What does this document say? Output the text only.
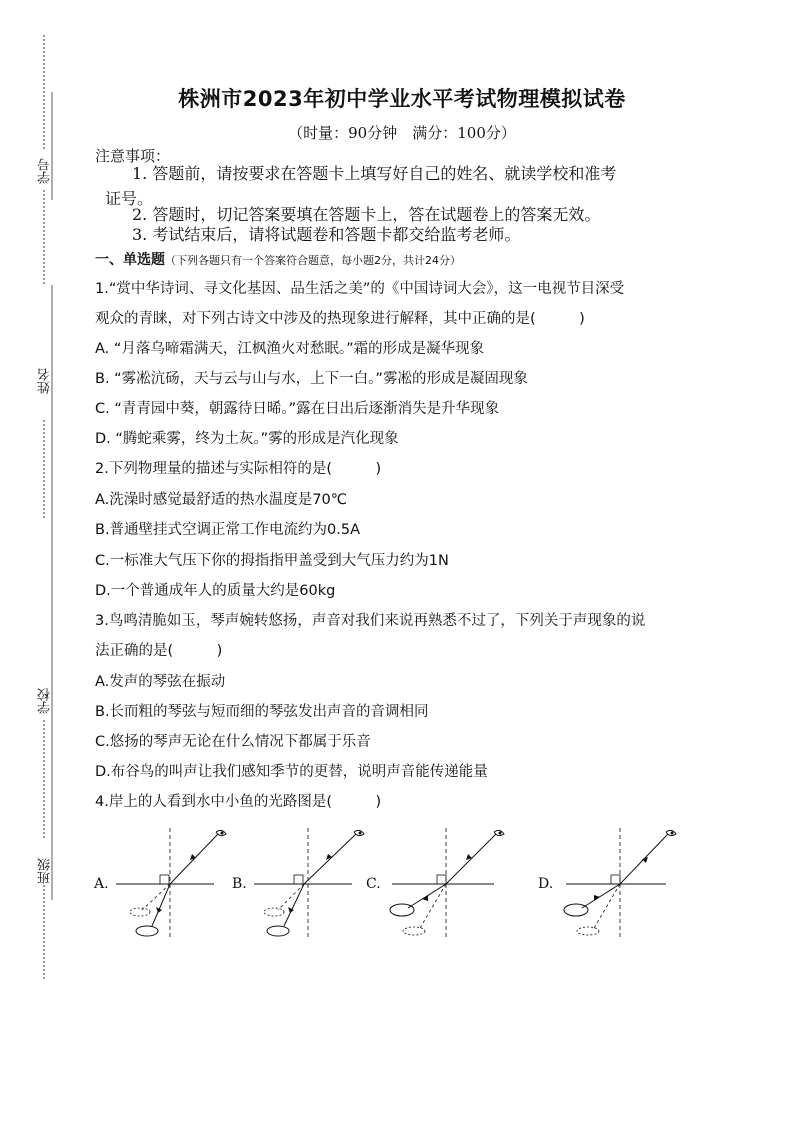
学号
姓名
学校
班级
株洲市2023年初中学业水平考试物理模拟试卷
（时量：90分钟　满分：100分）
注意事项：
1. 答题前，请按要求在答题卡上填写好自己的姓名、就读学校和准考
证号。
2. 答题时，切记答案要填在答题卡上，答在试题卷上的答案无效。
3. 考试结束后，请将试题卷和答题卡都交给监考老师。
一、单选题（下列各题只有一个答案符合题意，每小题2分，共计24分）
1.“赏中华诗词、寻文化基因、品生活之美”的《中国诗词大会》，这一电视节目深受
观众的青睐，对下列古诗文中涉及的热现象进行解释，其中正确的是(　　　)
A. “月落乌啼霜满天，江枫渔火对愁眠。”霜的形成是凝华现象
B. “雾凇沆砀，天与云与山与水，上下一白。”雾凇的形成是凝固现象
C. “青青园中葵，朝露待日晞。”露在日出后逐渐消失是升华现象
D. “腾蛇乘雾，终为土灰。”雾的形成是汽化现象
2.下列物理量的描述与实际相符的是(　　　)
A.洗澡时感觉最舒适的热水温度是70℃
B.普通壁挂式空调正常工作电流约为0.5A
C.一标准大气压下你的拇指指甲盖受到大气压力约为1N
D.一个普通成年人的质量大约是60kg
3.鸟鸣清脆如玉，琴声婉转悠扬，声音对我们来说再熟悉不过了，下列关于声现象的说
法正确的是(　　　)
A.发声的琴弦在振动
B.长而粗的琴弦与短而细的琴弦发出声音的音调相同
C.悠扬的琴声无论在什么情况下都属于乐音
D.布谷鸟的叫声让我们感知季节的更替，说明声音能传递能量
4.岸上的人看到水中小鱼的光路图是(　　　)
A.	B.	C.	D.
